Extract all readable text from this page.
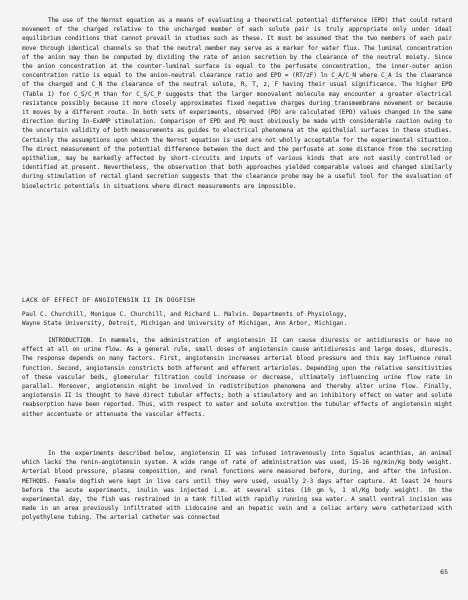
The use of the Nernst equation as a means of evaluating a theoretical potential difference (EPD) that could retard movement of the charged relative to the uncharged member of each solute pair is truly appropriate only under ideal equilibrium conditions that cannot prevail in studies such as these. It must be assumed that the two members of each pair move through identical channels so that the neutral member may serve as a marker for water flux. The luminal concentration of the anion may then be computed by dividing the rate of anion secretion by the clearance of the neutral moiety. Since the anion concentration at the counter-luminal surface is equal to the perfusate concentration, the inner-outer anion concentration ratio is equal to the anion-neutral clearance ratio and EPD = (RT/zF) ln C_A/C_N where C_A is the clearance of the charged and C_N the clearance of the neutral solute, R, T, z, F having their usual significance. The higher EPD (Table 1) for C_S/C_M than for C_S/C_P suggests that the larger monovalent molecule may encounter a greater electrical resistance possibly because it more closely approximates fixed negative charges during transmembrane movement or because it moves by a different route. In both sets of experiments, observed (PD) are calculated (EPD) values changed in the same direction during In-ExAMP stimulation. Comparison of EPD and PD must obviously be made with considerable caution owing to the uncertain validity of both measurements as guides to electrical phenomena at the epithelial surfaces in these studies. Certainly the assumptions upon which the Nernst equation is used are not wholly acceptable for the experimental situation. The direct measurement of the potential difference between the duct and the perfusate at some distance from the secreting epithelium, may be markedly affected by short-circuits and inputs of various kinds that are not easily controlled or identified at present. Nevertheless, the observation that both approaches yielded comparable values and changed similarly during stimulation of rectal gland secretion suggests that the clearance probe may be a useful tool for the evaluation of bioelectric potentials in situations where direct measurements are impossible.

LACK OF EFFECT OF ANGIOTENSIN II IN DOGFISH
Paul C. Churchill, Monique C. Churchill, and Richard L. Malvin. Departments of Physiology,
Wayne State University, Detroit, Michigan and University of Michigan, Ann Arbor, Michigan.

INTRODUCTION. In mammals, the administration of angiotensin II can cause diuresis or antidiuresis or have no effect at all on urine flow. As a general rule, small doses of angiotensin cause antidiuresis and large doses, diuresis. The response depends on many factors. First, angiotensin increases arterial blood pressure and this may influence renal function. Second, angiotensin constricts both afferent and efferent arterioles. Depending upon the relative sensitivities of these vascular beds, glomerular filtration could increase or decrease, ultimately influencing urine flow rate in parallel. Moreover, angiotensin might be involved in redistribution phenomena and thereby alter urine flow. Finally, angiotensin II is thought to have direct tubular effects; both a stimulatory and an inhibitory effect on water and solute reabsorption have been reported. Thus, with respect to water and solute excretion the tubular effects of angiotensin might either accentuate or attenuate the vascular effects.

In the experiments described below, angiotensin II was infused intravenously into Squalus acanthias, an animal which lacks the renin-angiotensin system. A wide range of rate of administration was used, 15-16 ng/min/Kg body weight. Arterial blood pressure, plasma composition, and renal functions were measured before, during, and after the infusion. METHODS. Female dogfish were kept in live cars until they were used, usually 2-3 days after capture. At least 24 hours before the acute experiments, inulin was injected i.m. at several sites (10 gm %, 1 ml/Kg body weight). On the experimental day, the fish was restrained in a tank filled with rapidly running sea water. A small ventral incision was made in an area previously infiltrated with Lidocaine and an hepatic vein and a celiac artery were catheterized with polyethylene tubing. The arterial catheter was connected

65
